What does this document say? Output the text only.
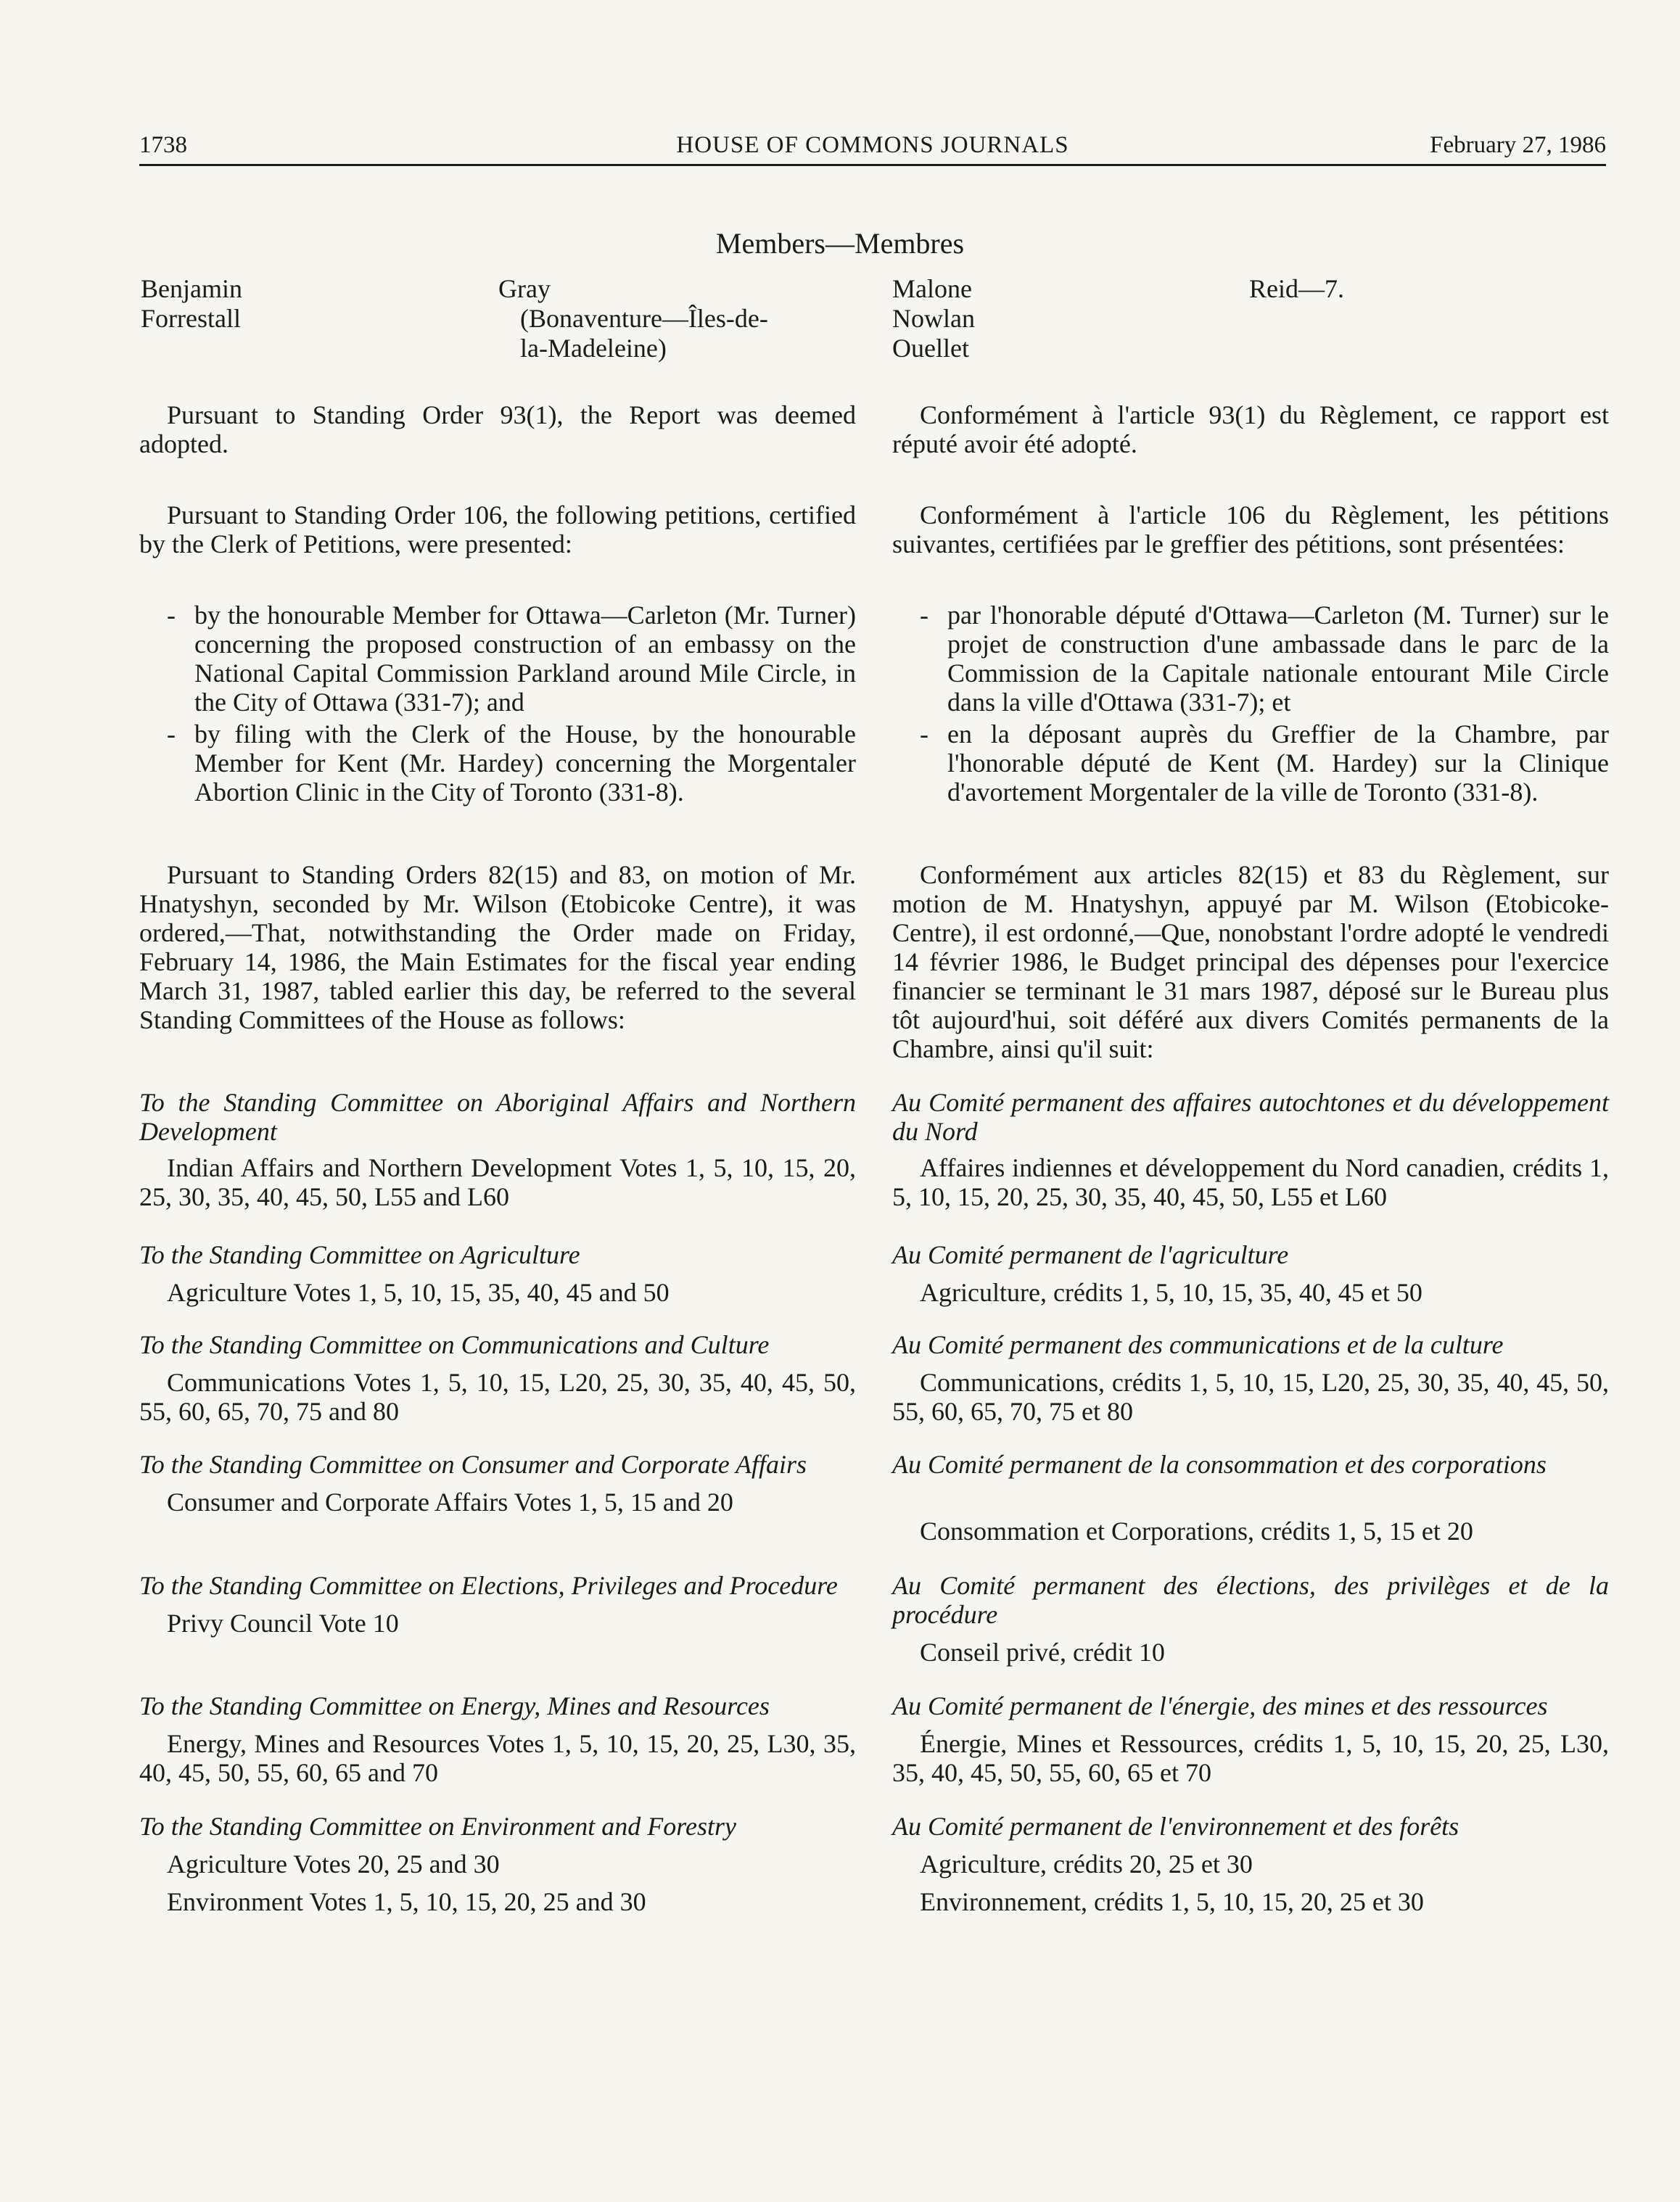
1738	HOUSE OF COMMONS JOURNALS	February 27, 1986
Members—Membres
Benjamin
Forrestall
Gray
(Bonaventure—Îles-de-
la-Madeleine)
Malone
Nowlan
Ouellet
Reid—7.

Pursuant to Standing Order 93(1), the Report was deemed adopted.

Pursuant to Standing Order 106, the following petitions, certified by the Clerk of Petitions, were presented:

- by the honourable Member for Ottawa—Carleton (Mr. Turner) concerning the proposed construction of an embassy on the National Capital Commission Parkland around Mile Circle, in the City of Ottawa (331-7); and

- by filing with the Clerk of the House, by the honourable Member for Kent (Mr. Hardey) concerning the Morgentaler Abortion Clinic in the City of Toronto (331-8).

Pursuant to Standing Orders 82(15) and 83, on motion of Mr. Hnatyshyn, seconded by Mr. Wilson (Etobicoke Centre), it was ordered,—That, notwithstanding the Order made on Friday, February 14, 1986, the Main Estimates for the fiscal year ending March 31, 1987, tabled earlier this day, be referred to the several Standing Committees of the House as follows:

To the Standing Committee on Aboriginal Affairs and Northern Development

Indian Affairs and Northern Development Votes 1, 5, 10, 15, 20, 25, 30, 35, 40, 45, 50, L55 and L60

To the Standing Committee on Agriculture

Agriculture Votes 1, 5, 10, 15, 35, 40, 45 and 50

To the Standing Committee on Communications and Culture

Communications Votes 1, 5, 10, 15, L20, 25, 30, 35, 40, 45, 50, 55, 60, 65, 70, 75 and 80

To the Standing Committee on Consumer and Corporate Affairs

Consumer and Corporate Affairs Votes 1, 5, 15 and 20

To the Standing Committee on Elections, Privileges and Procedure

Privy Council Vote 10

To the Standing Committee on Energy, Mines and Resources

Energy, Mines and Resources Votes 1, 5, 10, 15, 20, 25, L30, 35, 40, 45, 50, 55, 60, 65 and 70

To the Standing Committee on Environment and Forestry

Agriculture Votes 20, 25 and 30

Environment Votes 1, 5, 10, 15, 20, 25 and 30

Conformément à l'article 93(1) du Règlement, ce rapport est réputé avoir été adopté.

Conformément à l'article 106 du Règlement, les pétitions suivantes, certifiées par le greffier des pétitions, sont présentées:

- par l'honorable député d'Ottawa—Carleton (M. Turner) sur le projet de construction d'une ambassade dans le parc de la Commission de la Capitale nationale entourant Mile Circle dans la ville d'Ottawa (331-7); et

- en la déposant auprès du Greffier de la Chambre, par l'honorable député de Kent (M. Hardey) sur la Clinique d'avortement Morgentaler de la ville de Toronto (331-8).

Conformément aux articles 82(15) et 83 du Règlement, sur motion de M. Hnatyshyn, appuyé par M. Wilson (Etobicoke-Centre), il est ordonné,—Que, nonobstant l'ordre adopté le vendredi 14 février 1986, le Budget principal des dépenses pour l'exercice financier se terminant le 31 mars 1987, déposé sur le Bureau plus tôt aujourd'hui, soit déféré aux divers Comités permanents de la Chambre, ainsi qu'il suit:

Au Comité permanent des affaires autochtones et du développement du Nord

Affaires indiennes et développement du Nord canadien, crédits 1, 5, 10, 15, 20, 25, 30, 35, 40, 45, 50, L55 et L60

Au Comité permanent de l'agriculture

Agriculture, crédits 1, 5, 10, 15, 35, 40, 45 et 50

Au Comité permanent des communications et de la culture

Communications, crédits 1, 5, 10, 15, L20, 25, 30, 35, 40, 45, 50, 55, 60, 65, 70, 75 et 80

Au Comité permanent de la consommation et des corporations

Consommation et Corporations, crédits 1, 5, 15 et 20

Au Comité permanent des élections, des privilèges et de la procédure

Conseil privé, crédit 10

Au Comité permanent de l'énergie, des mines et des ressources

Énergie, Mines et Ressources, crédits 1, 5, 10, 15, 20, 25, L30, 35, 40, 45, 50, 55, 60, 65 et 70

Au Comité permanent de l'environnement et des forêts

Agriculture, crédits 20, 25 et 30

Environnement, crédits 1, 5, 10, 15, 20, 25 et 30
